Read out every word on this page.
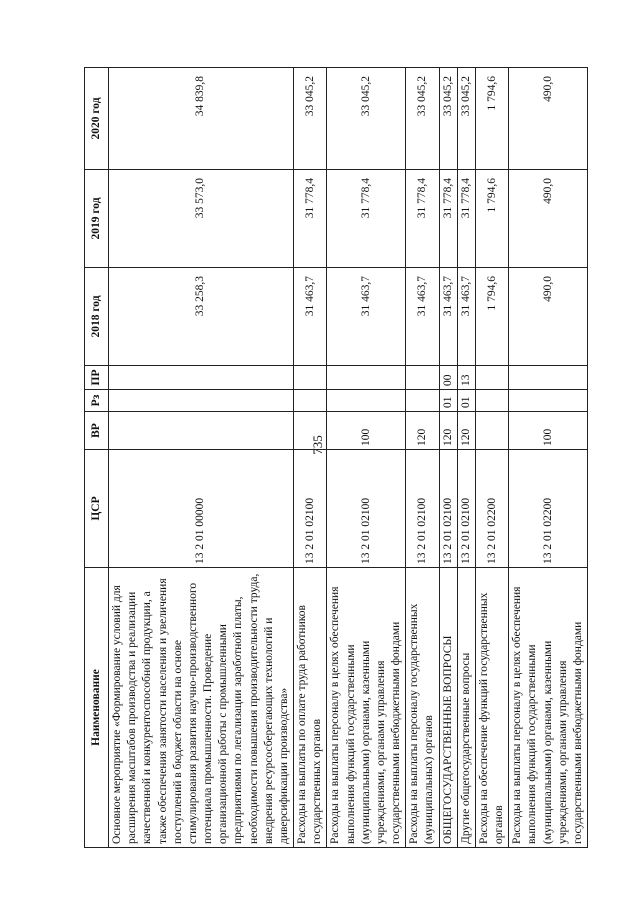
735
Наименование	ЦСР	ВР	Рз	ПР	2018 год	2019 год	2020 год
Основное мероприятие «Формирование условий для расширения масштабов производства и реализации качественной и конкурентоспособной продукции, а также обеспечения занятости населения и увеличения поступлений в бюджет области на основе стимулирования развития научно-производственного потенциала промышленности. Проведение организационной работы с промышленными предприятиями по легализации заработной платы, необходимости повышения производительности труда, внедрения ресурсосберегающих технологий и диверсификации производства»	13 2 01 00000				33 258,3	33 573,0	34 839,8
Расходы на выплаты по оплате труда работников государственных органов	13 2 01 02100				31 463,7	31 778,4	33 045,2
Расходы на выплаты персоналу в целях обеспечения выполнения функций государственными (муниципальными) органами, казенными учреждениями, органами управления государственными внебюджетными фондами	13 2 01 02100	100			31 463,7	31 778,4	33 045,2
Расходы на выплаты персоналу государственных (муниципальных) органов	13 2 01 02100	120			31 463,7	31 778,4	33 045,2
ОБЩЕГОСУДАРСТВЕННЫЕ ВОПРОСЫ	13 2 01 02100	120	01	00	31 463,7	31 778,4	33 045,2
Другие общегосударственные вопросы	13 2 01 02100	120	01	13	31 463,7	31 778,4	33 045,2
Расходы на обеспечение функций государственных органов	13 2 01 02200				1 794,6	1 794,6	1 794,6
Расходы на выплаты персоналу в целях обеспечения выполнения функций государственными (муниципальными) органами, казенными учреждениями, органами управления государственными внебюджетными фондами	13 2 01 02200	100			490,0	490,0	490,0
